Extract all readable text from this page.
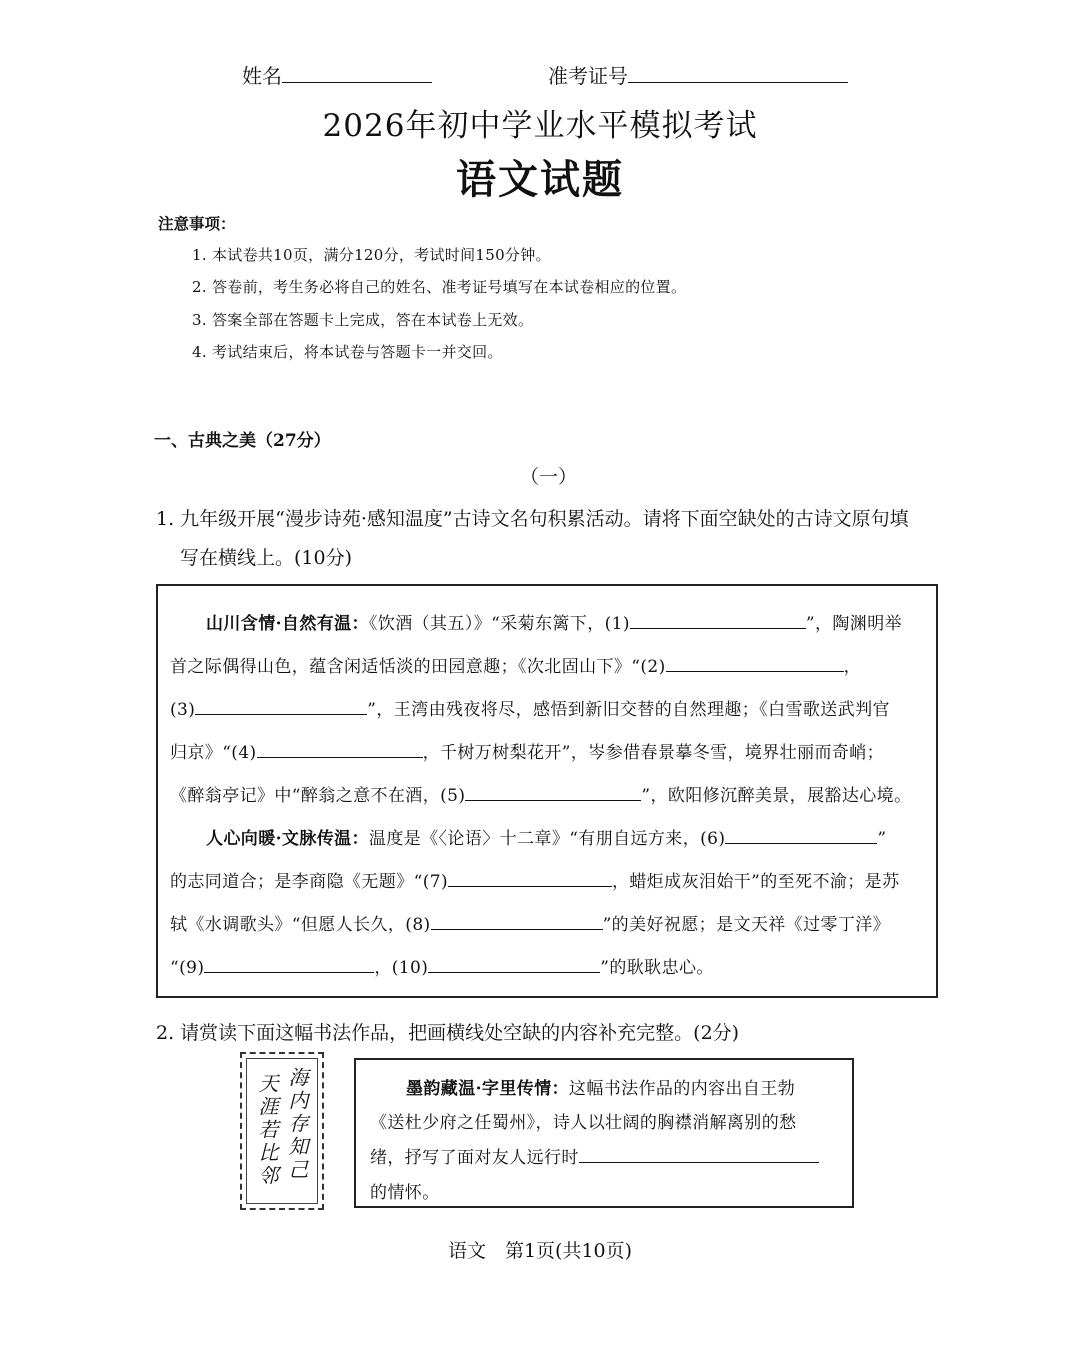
姓名	准考证号
2026年初中学业水平模拟考试
语文试题
注意事项：
1. 本试卷共10页，满分120分，考试时间150分钟。
2. 答卷前，考生务必将自己的姓名、准考证号填写在本试卷相应的位置。
3. 答案全部在答题卡上完成，答在本试卷上无效。
4. 考试结束后，将本试卷与答题卡一并交回。
一、古典之美（27分）
（一）
1. 九年级开展“漫步诗苑·感知温度”古诗文名句积累活动。请将下面空缺处的古诗文原句填
写在横线上。(10分)
山川含情·自然有温：《饮酒（其五）》“采菊东篱下，(1)	”，陶渊明举
首之际偶得山色，蕴含闲适恬淡的田园意趣；《次北固山下》“(2)	，
(3)	”，王湾由残夜将尽，感悟到新旧交替的自然理趣；《白雪歌送武判官
归京》“(4)	，千树万树梨花开”，岑参借春景摹冬雪，境界壮丽而奇峭；
《醉翁亭记》中“醉翁之意不在酒，(5)	”，欧阳修沉醉美景，展豁达心境。
人心向暖·文脉传温：温度是《〈论语〉十二章》“有朋自远方来，(6)	”
的志同道合；是李商隐《无题》“(7)	，蜡炬成灰泪始干”的至死不渝；是苏
轼《水调歌头》“但愿人长久，(8)	”的美好祝愿；是文天祥《过零丁洋》
“(9)	，(10)	”的耿耿忠心。
2. 请赏读下面这幅书法作品，把画横线处空缺的内容补充完整。(2分)
海内存知己
天涯若比邻	墨韵藏温·字里传情：这幅书法作品的内容出自王勃
《送杜少府之任蜀州》，诗人以壮阔的胸襟消解离别的愁
绪，抒写了面对友人远行时
的情怀。
语文　第1页(共10页)
